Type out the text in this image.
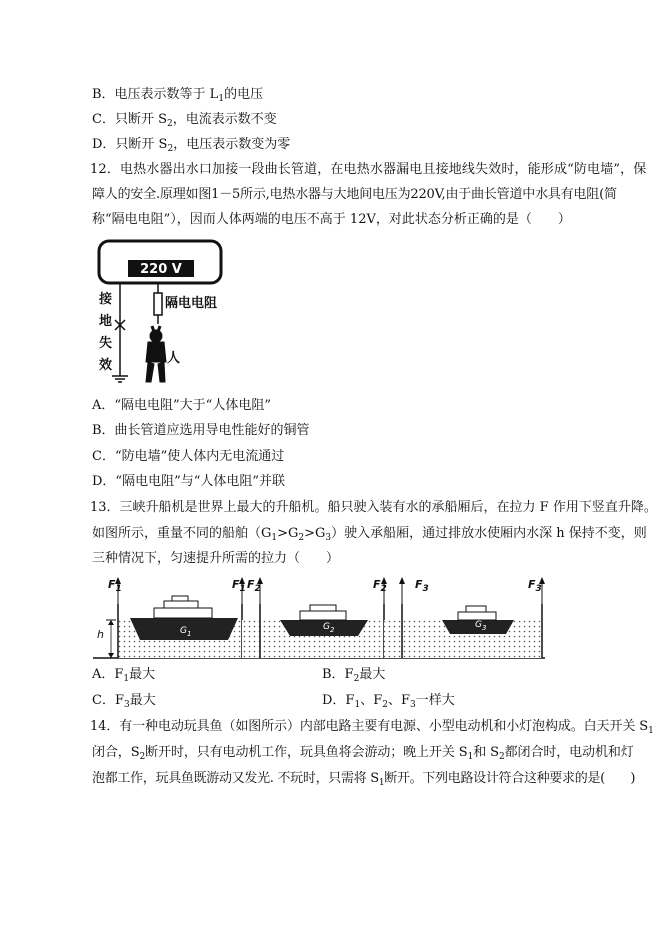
B．电压表示数等于 $L_1$的电压
C．只断开 $S_2$，电流表示数不变
D．只断开 $S_2$，电压表示数变为零
12．电热水器出水口加接一段曲长管道，在电热水器漏电且接地线失效时，能形成“防电墙”，保
障人的安全.原理如图1－5所示,电热水器与大地间电压为220V,由于曲长管道中水具有电阻(简
称“隔电电阻”），因而人体两端的电压不高于 12V，对此状态分析正确的是（　　）
220 V
隔电电阻
人
接
地
失
效
A．“隔电电阻”大于“人体电阻”
B．曲长管道应选用导电性能好的铜管
C．“防电墙”使人体内无电流通过
D．“隔电电阻”与“人体电阻”并联
13．三峡升船机是世界上最大的升船机。船只驶入装有水的承船厢后，在拉力 F 作用下竖直升降。
如图所示，重量不同的船舶$(G_1>G_2>G_3)$驶入承船厢，通过排放水使厢内水深 h 保持不变，则
三种情况下，匀速提升所需的拉力（　　）
$F_1$	$F_1$ $F_2$	$F_2$	$F_3$	$F_3$
h	$G_1$
$G_2$	$G_3$
A．$F_1$最大	B．$F_2$最大
C．$F_3$最大	D．$F_1$、$F_2$、$F_3$一样大
14．有一种电动玩具鱼（如图所示）内部电路主要有电源、小型电动机和小灯泡构成。白天开关 $S_1$
闭合，$S_2$断开时，只有电动机工作，玩具鱼将会游动；晚上开关 $S_1$和 $S_2$都闭合时，电动机和灯
泡都工作，玩具鱼既游动又发光. 不玩时，只需将 $S_1$断开。下列电路设计符合这种要求的是(　　)
